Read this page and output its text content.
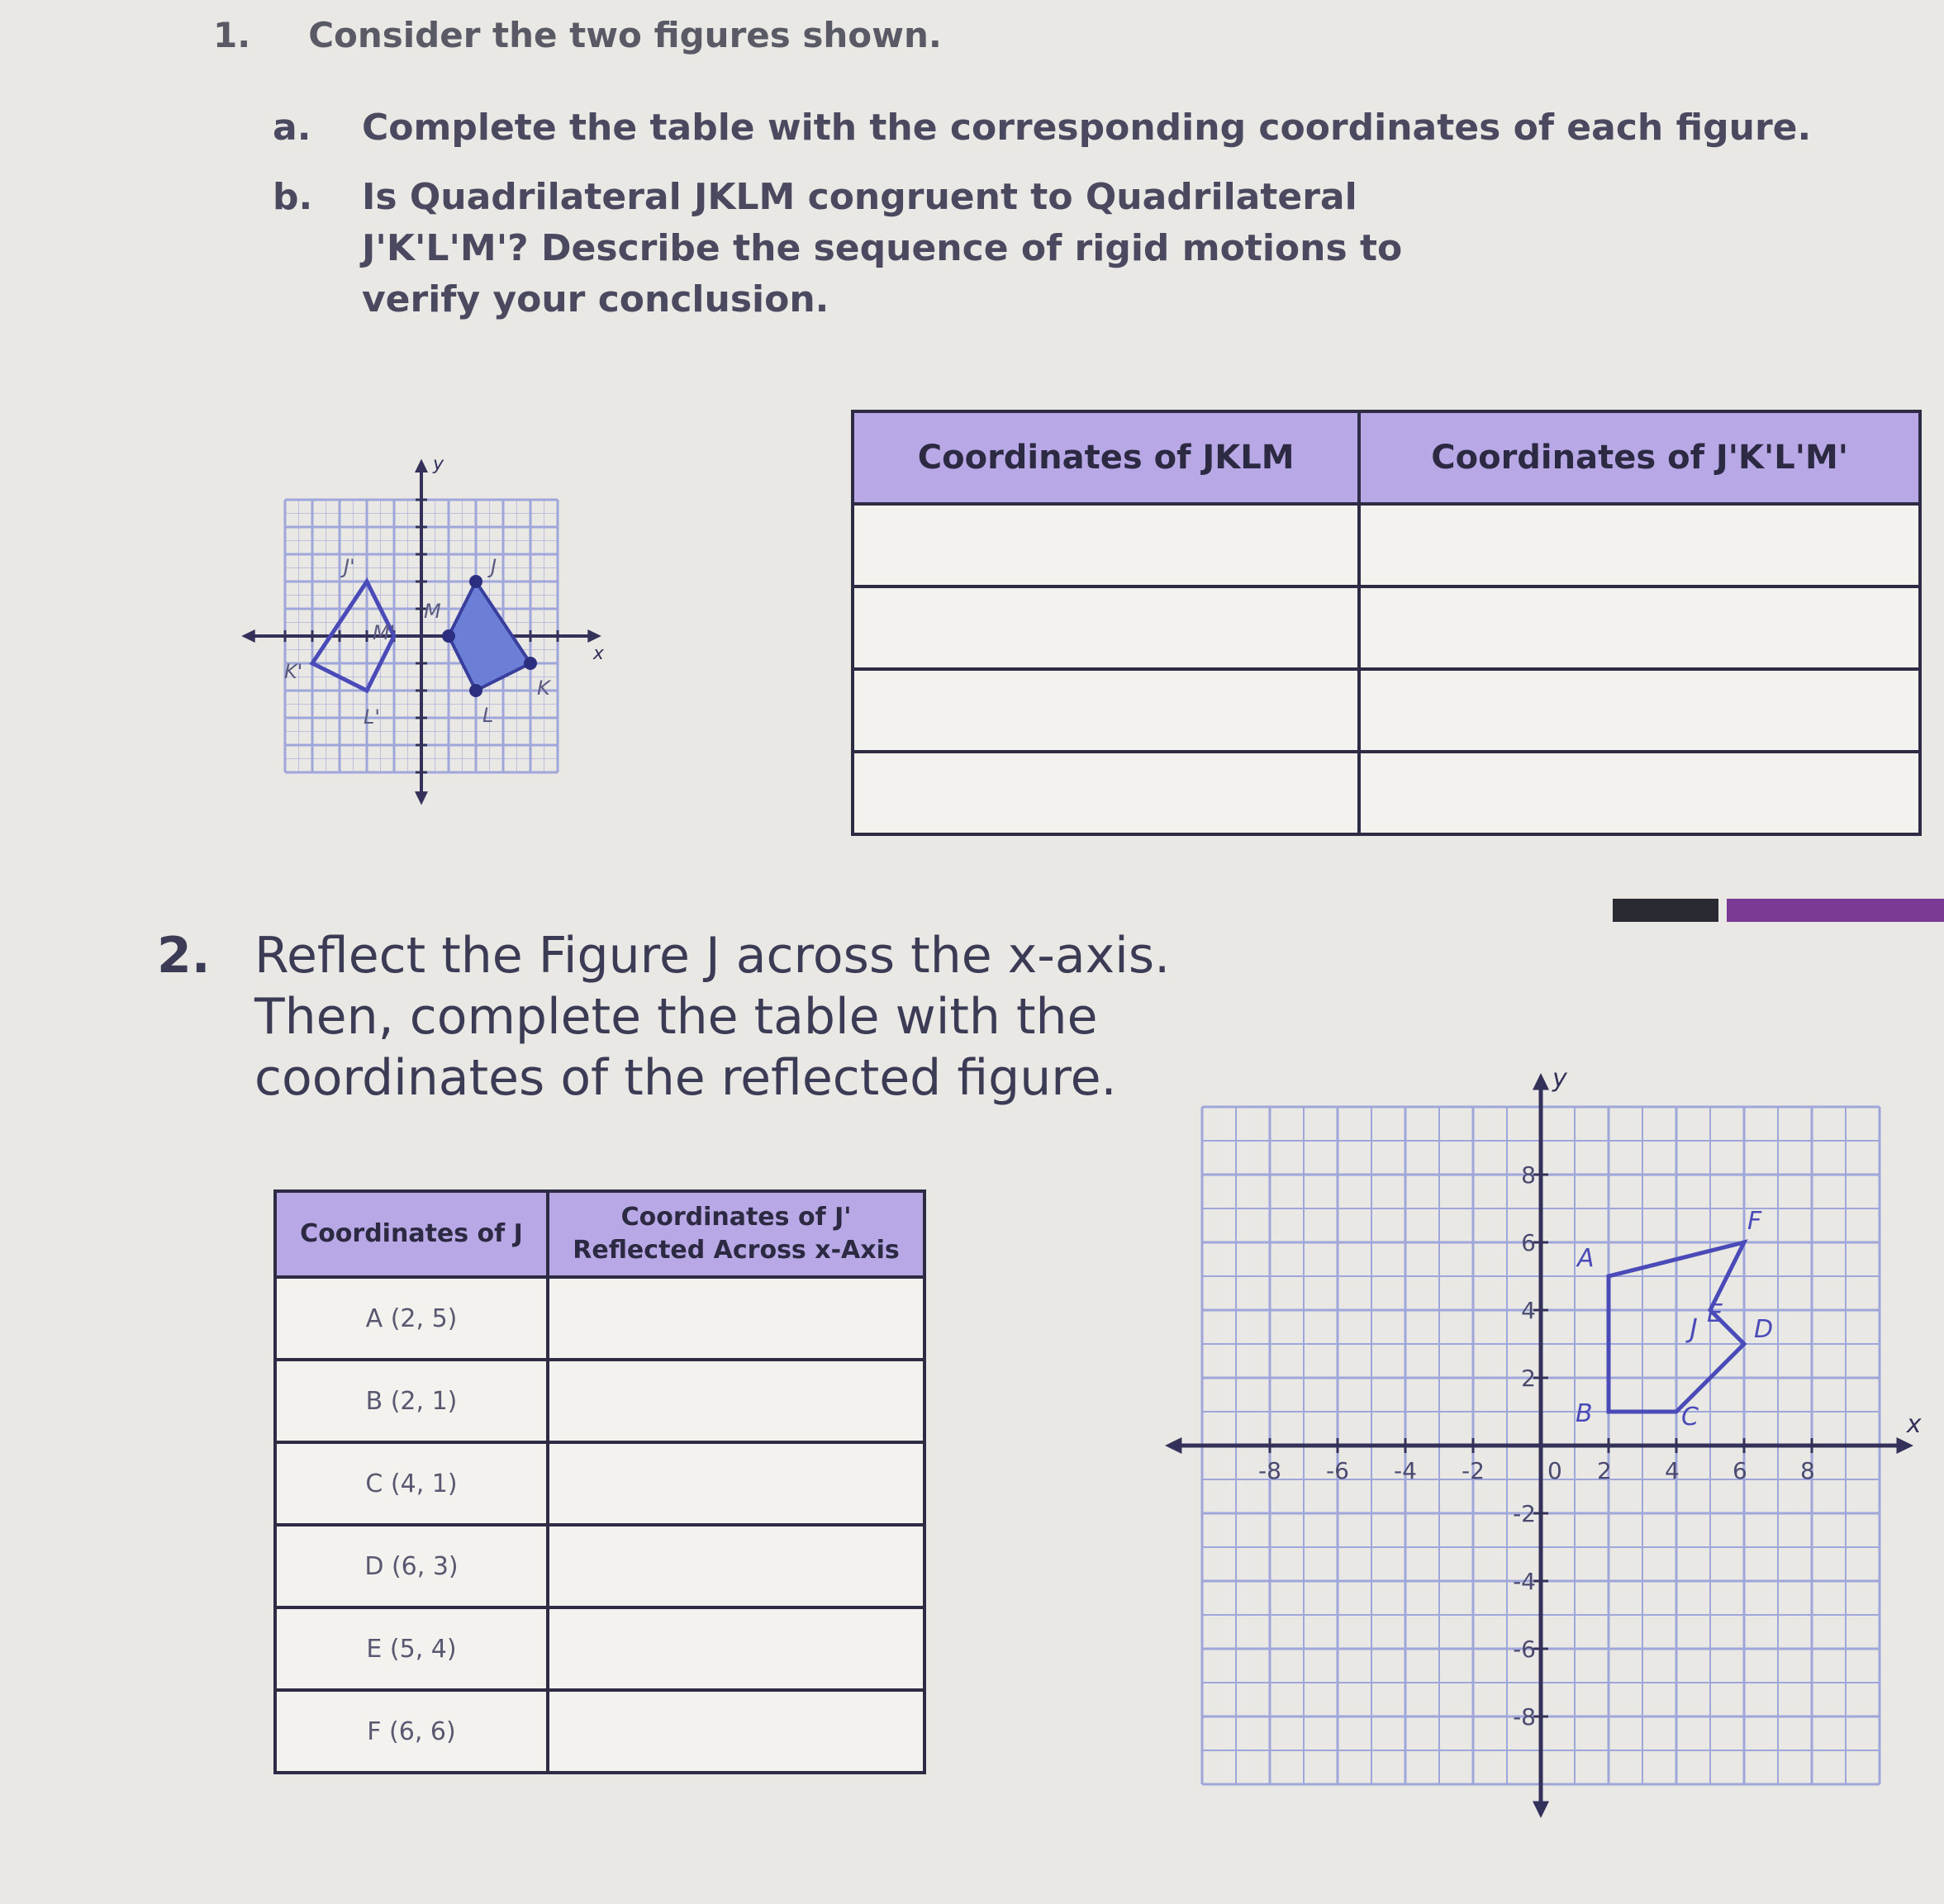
1. Consider the two figures shown.
a. Complete the table with the corresponding coordinates of each figure.
b. Is Quadrilateral JKLM congruent to Quadrilateral J'K'L'M'? Describe the sequence of rigid motions to verify your conclusion.
x
y
J
K
L
M
J'
K'
L'
M'
Coordinates of JKLM	Coordinates of J'K'L'M'

2. Reflect the Figure J across the x-axis. Then, complete the table with the coordinates of the reflected figure.
Coordinates of J	Coordinates of J'
Reflected Across x-Axis

A (2, 5)	
B (2, 1)	
C (4, 1)	
D (6, 3)	
E (5, 4)	
F (6, 6)	
-8 -6 -4 -2	0 2 4 6 8
8
6
4
2
-2
-4
-6
-8
A
B	C
D
E
F
J
x
y
